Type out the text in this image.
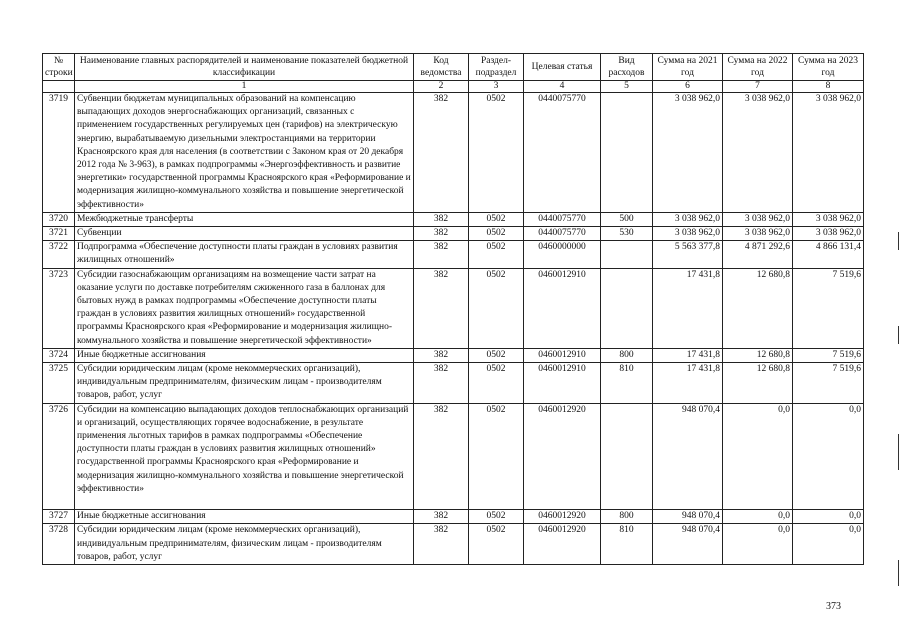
№ строки	Наименование главных распорядителей и наименование показателей бюджетной классификации	Код ведомства	Раздел-подраздел	Целевая статья	Вид расходов	Сумма на 2021 год	Сумма на 2022 год	Сумма на 2023 год
	1	2	3	4	5	6	7	8
3719	Субвенции бюджетам муниципальных образований на компенсацию выпадающих доходов энергоснабжающих организаций, связанных с применением государственных регулируемых цен (тарифов) на электрическую энергию, вырабатываемую дизельными электростанциями на территории Красноярского края для населения (в соответствии с Законом края от 20 декабря 2012 года № 3-963), в рамках подпрограммы «Энергоэффективность и развитие энергетики» государственной программы Красноярского края «Реформирование и модернизация жилищно-коммунального хозяйства и повышение энергетической эффективности»	382	0502	0440075770		3 038 962,0	3 038 962,0	3 038 962,0
3720	Межбюджетные трансферты	382	0502	0440075770	500	3 038 962,0	3 038 962,0	3 038 962,0
3721	Субвенции	382	0502	0440075770	530	3 038 962,0	3 038 962,0	3 038 962,0
3722	Подпрограмма «Обеспечение доступности платы граждан в условиях развития жилищных отношений»	382	0502	0460000000		5 563 377,8	4 871 292,6	4 866 131,4
3723	Субсидии газоснабжающим организациям на возмещение части затрат на оказание услуги по доставке потребителям сжиженного газа в баллонах для бытовых нужд в рамках подпрограммы «Обеспечение доступности платы граждан в условиях развития жилищных отношений» государственной программы Красноярского края «Реформирование и модернизация жилищно-коммунального хозяйства и повышение энергетической эффективности»	382	0502	0460012910		17 431,8	12 680,8	7 519,6
3724	Иные бюджетные ассигнования	382	0502	0460012910	800	17 431,8	12 680,8	7 519,6
3725	Субсидии юридическим лицам (кроме некоммерческих организаций), индивидуальным предпринимателям, физическим лицам - производителям товаров, работ, услуг	382	0502	0460012910	810	17 431,8	12 680,8	7 519,6
3726	Субсидии на компенсацию выпадающих доходов теплоснабжающих организаций и организаций, осуществляющих горячее водоснабжение, в результате применения льготных тарифов в рамках подпрограммы «Обеспечение доступности платы граждан в условиях развития жилищных отношений» государственной программы Красноярского края «Реформирование и модернизация жилищно-коммунального хозяйства и повышение энергетической эффективности»	382	0502	0460012920		948 070,4	0,0	0,0
3727	Иные бюджетные ассигнования	382	0502	0460012920	800	948 070,4	0,0	0,0
3728	Субсидии юридическим лицам (кроме некоммерческих организаций), индивидуальным предпринимателям, физическим лицам - производителям товаров, работ, услуг	382	0502	0460012920	810	948 070,4	0,0	0,0
373
